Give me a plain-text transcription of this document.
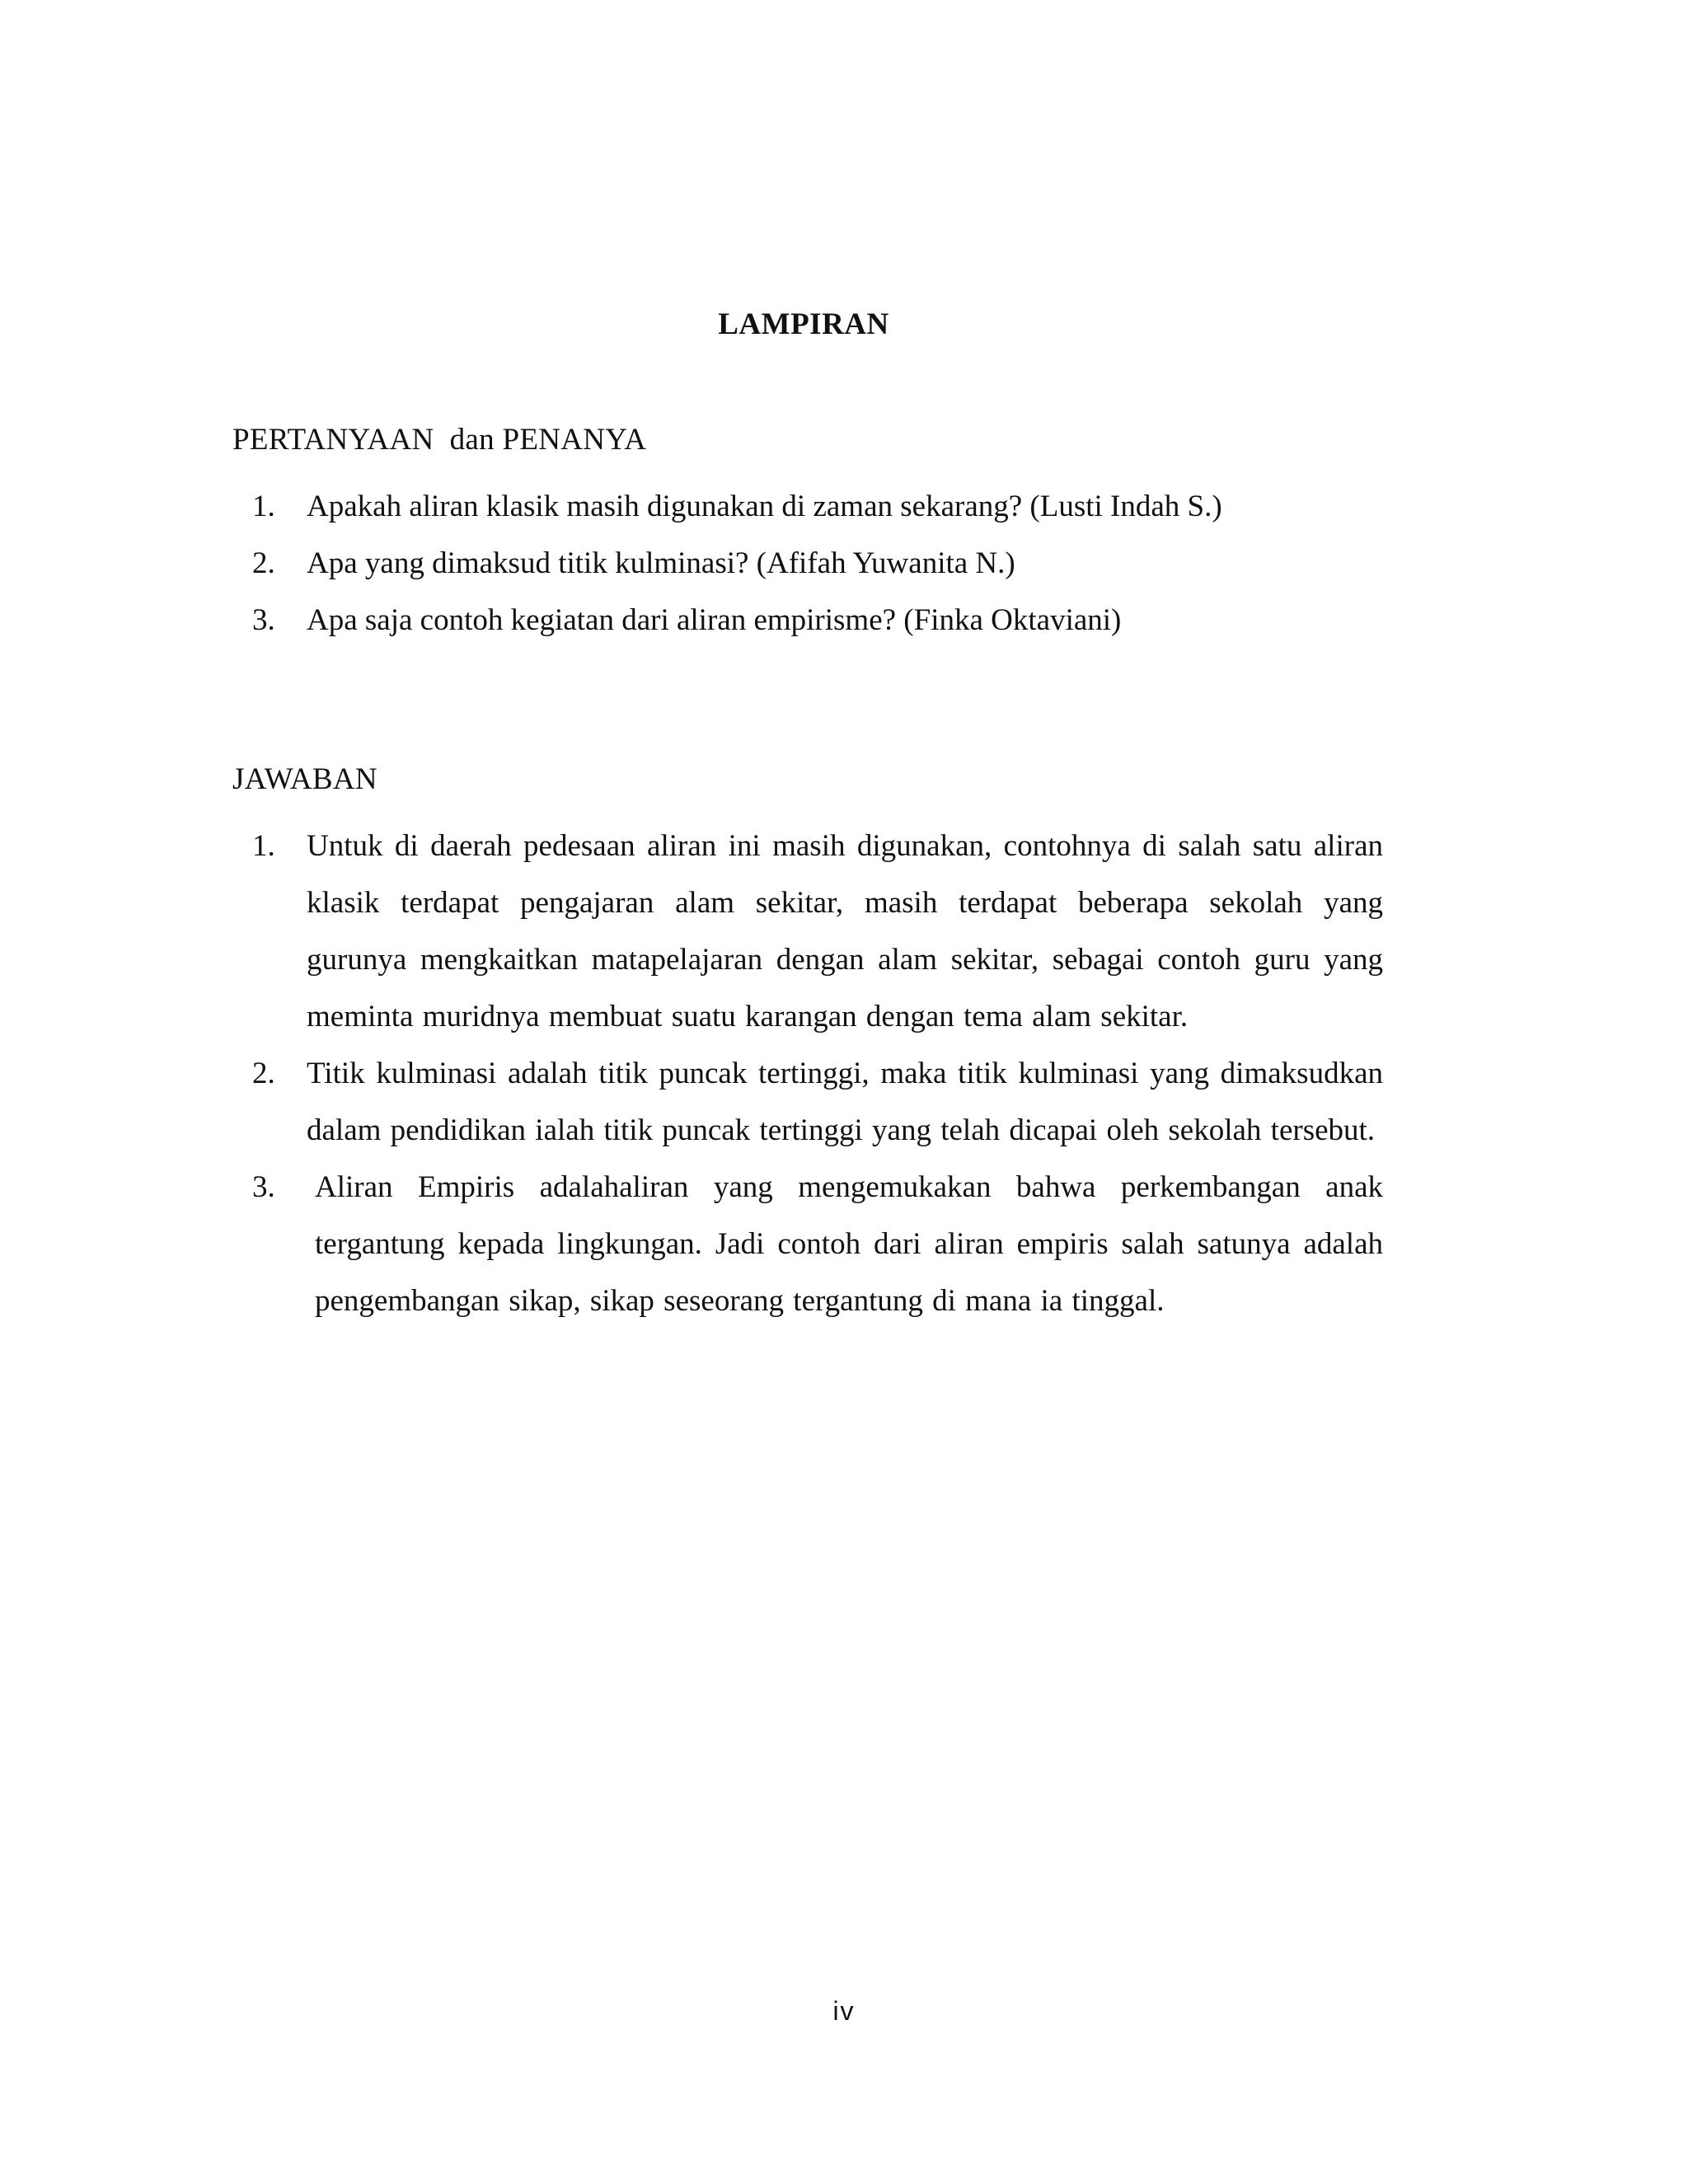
LAMPIRAN
PERTANYAAN  dan PENANYA
1.	Apakah aliran klasik masih digunakan di zaman sekarang? (Lusti Indah S.)
2.	Apa yang dimaksud titik kulminasi? (Afifah Yuwanita N.)
3.	Apa saja contoh kegiatan dari aliran empirisme? (Finka Oktaviani)
JAWABAN
1.	Untuk di daerah pedesaan aliran ini masih digunakan, contohnya di salah satu aliran klasik terdapat pengajaran alam sekitar, masih terdapat beberapa sekolah yang gurunya mengkaitkan matapelajaran dengan alam sekitar, sebagai contoh guru yang meminta muridnya membuat suatu karangan dengan tema alam sekitar.
2.	Titik kulminasi adalah titik puncak tertinggi, maka titik kulminasi yang dimaksudkan dalam pendidikan ialah titik puncak tertinggi yang telah dicapai oleh sekolah tersebut.
3.	Aliran Empiris adalahaliran yang mengemukakan bahwa perkembangan anak tergantung kepada lingkungan. Jadi contoh dari aliran empiris salah satunya adalah pengembangan sikap, sikap seseorang tergantung di mana ia tinggal.
iv
